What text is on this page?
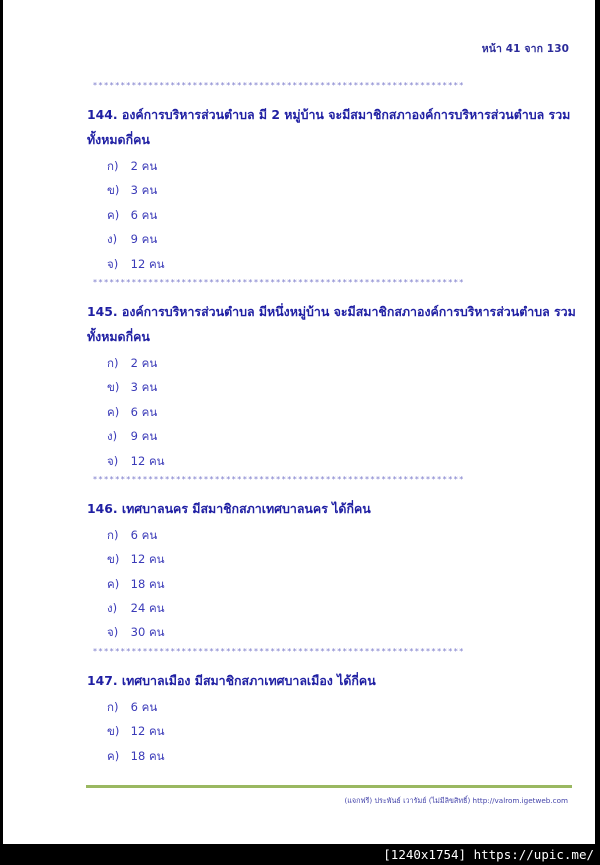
หน้า 41 จาก 130
*******************************************************************
144. องค์การบริหารส่วนตำบล มี 2 หมู่บ้าน จะมีสมาชิกสภาองค์การบริหารส่วนตำบล รวมทั้งหมดกี่คน
ก) 2 คน
ข) 3 คน
ค) 6 คน
ง) 9 คน
จ) 12 คน
*******************************************************************
145. องค์การบริหารส่วนตำบล มีหนึ่งหมู่บ้าน จะมีสมาชิกสภาองค์การบริหารส่วนตำบล รวมทั้งหมดกี่คน
ก) 2 คน
ข) 3 คน
ค) 6 คน
ง) 9 คน
จ) 12 คน
*******************************************************************
146. เทศบาลนคร มีสมาชิกสภาเทศบาลนคร ได้กี่คน
ก) 6 คน
ข) 12 คน
ค) 18 คน
ง) 24 คน
จ) 30 คน
*******************************************************************
147. เทศบาลเมือง มีสมาชิกสภาเทศบาลเมือง ได้กี่คน
ก) 6 คน
ข) 12 คน
ค) 18 คน
(แจกฟรี) ประพันธ์ เวารัมย์ (ไม่มีลิขสิทธิ์) http://valrom.igetweb.com
[1240x1754] https://upic.me/
